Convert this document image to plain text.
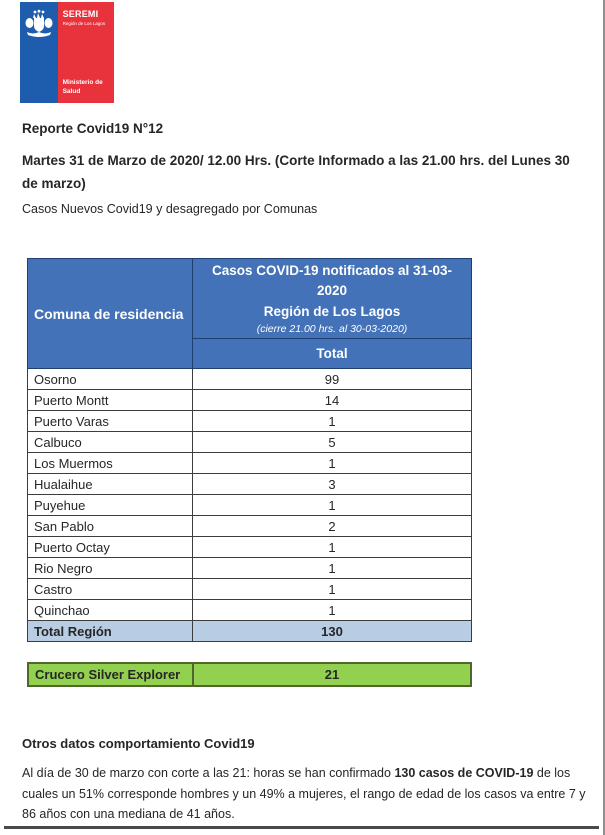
SEREMI
Región de Los Lagos
Ministerio de Salud
Reporte Covid19 N°12
Martes 31 de Marzo de 2020/ 12.00 Hrs. (Corte Informado a las 21.00 hrs. del Lunes 30 de marzo)
Casos Nuevos Covid19 y desagregado por Comunas
Comuna de residencia	Casos COVID-19 notificados al 31-03-2020
Región de Los Lagos
(cierre 21.00 hrs. al 30-03-2020)

	Total
Osorno	99
Puerto Montt	14
Puerto Varas	1
Calbuco	5
Los Muermos	1
Hualaihue	3
Puyehue	1
San Pablo	2
Puerto Octay	1
Rio Negro	1
Castro	1
Quinchao	1
Total Región	130
Crucero Silver Explorer	21
Otros datos comportamiento Covid19
Al día de 30 de marzo con corte a las 21: horas se han confirmado 130 casos de COVID-19 de los cuales un 51% corresponde hombres y un 49% a mujeres, el rango de edad de los casos va entre 7 y 86 años con una mediana de 41 años.
